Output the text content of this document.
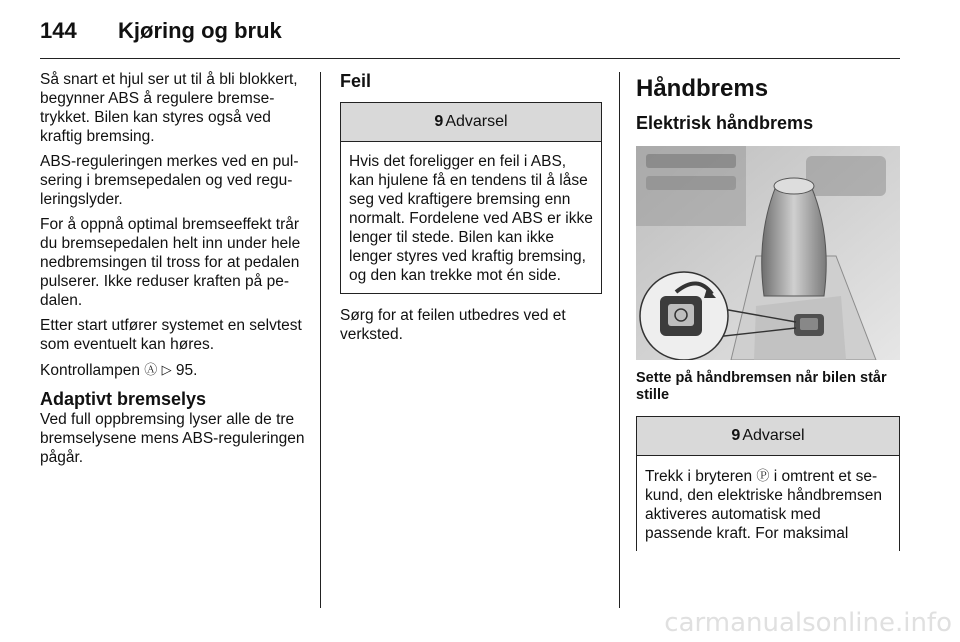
144 Kjøring og bruk

Så snart et hjul ser ut til å bli blokkert, begynner ABS å regulere bremsetrykket. Bilen kan styres også ved kraftig bremsing.

ABS-reguleringen merkes ved en pulsering i bremsepedalen og ved reguleringslyder.

For å oppnå optimal bremseeffekt trår du bremsepedalen helt inn under hele nedbremsingen til tross for at pedalen pulserer. Ikke reduser kraften på pedalen.

Etter start utfører systemet en selvtest som eventuelt kan høres.

Kontrollampen Ⓐ ▷ 95.

Adaptivt bremselys

Ved full oppbremsing lyser alle de tre bremselysene mens ABS-reguleringen pågår.

Feil
9 Advarsel
Hvis det foreligger en feil i ABS, kan hjulene få en tendens til å låse seg ved kraftigere bremsing enn normalt. Fordelene ved ABS er ikke lenger til stede. Bilen kan ikke lenger styres ved kraftig bremsing, og den kan trekke mot én side.

Sørg for at feilen utbedres ved et verksted.

Håndbrems
Elektrisk håndbrems
Sette på håndbremsen når bilen står stille
9 Advarsel
Trekk i bryteren Ⓟ i omtrent et sekund, den elektriske håndbremsen aktiveres automatisk med passende kraft. For maksimal
carmanualsonline.info
